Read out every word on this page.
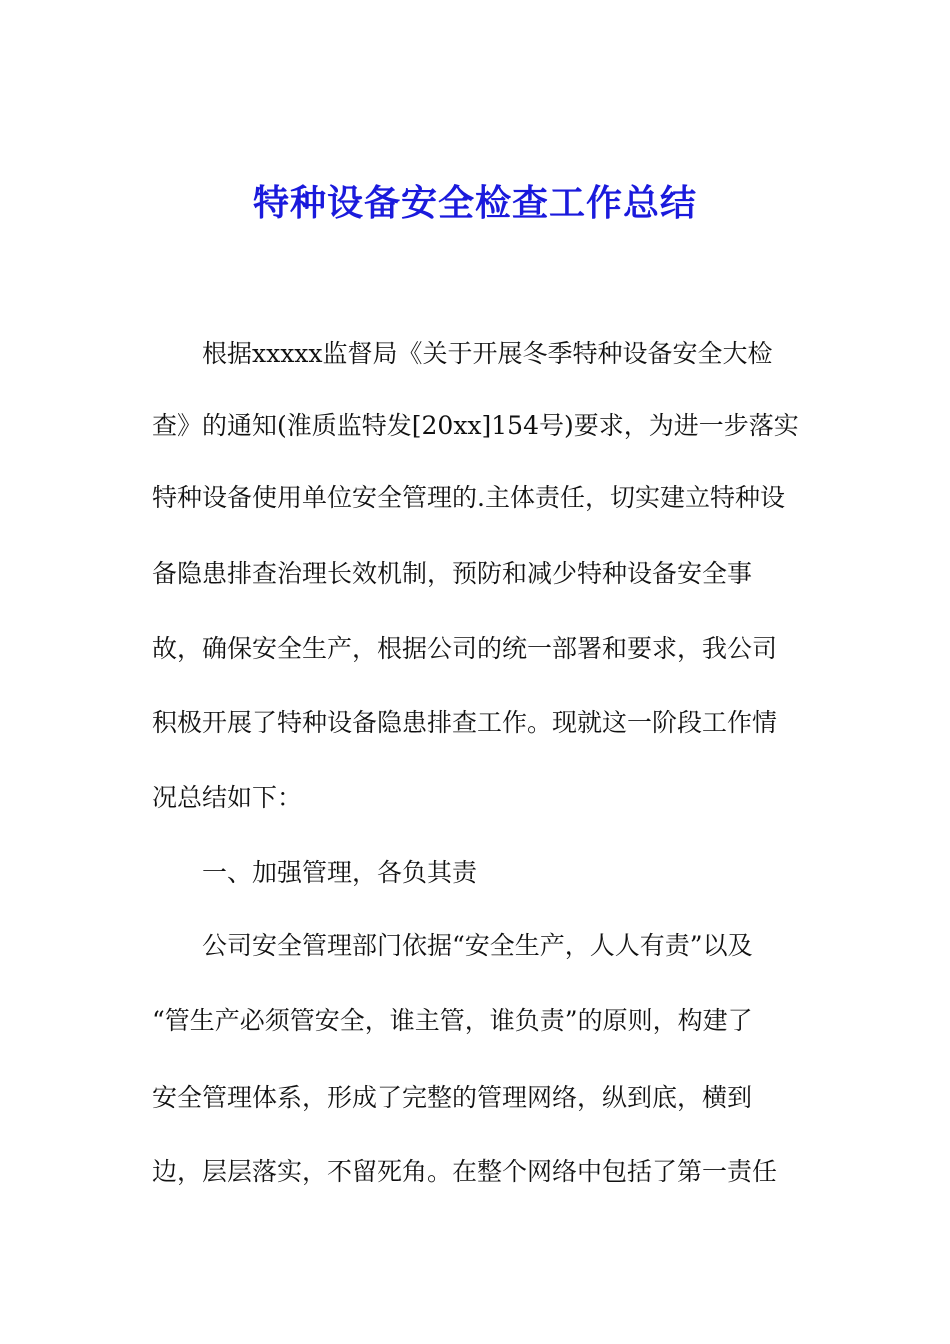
特种设备安全检查工作总结
根据xxxxx监督局《关于开展冬季特种设备安全大检
查》的通知(淮质监特发[20xx]154号)要求，为进一步落实
特种设备使用单位安全管理的.主体责任，切实建立特种设
备隐患排查治理长效机制，预防和减少特种设备安全事
故，确保安全生产，根据公司的统一部署和要求，我公司
积极开展了特种设备隐患排查工作。现就这一阶段工作情
况总结如下：
一、加强管理，各负其责
公司安全管理部门依据“安全生产，人人有责”以及
“管生产必须管安全，谁主管，谁负责”的原则，构建了
安全管理体系，形成了完整的管理网络，纵到底，横到
边，层层落实，不留死角。在整个网络中包括了第一责任
